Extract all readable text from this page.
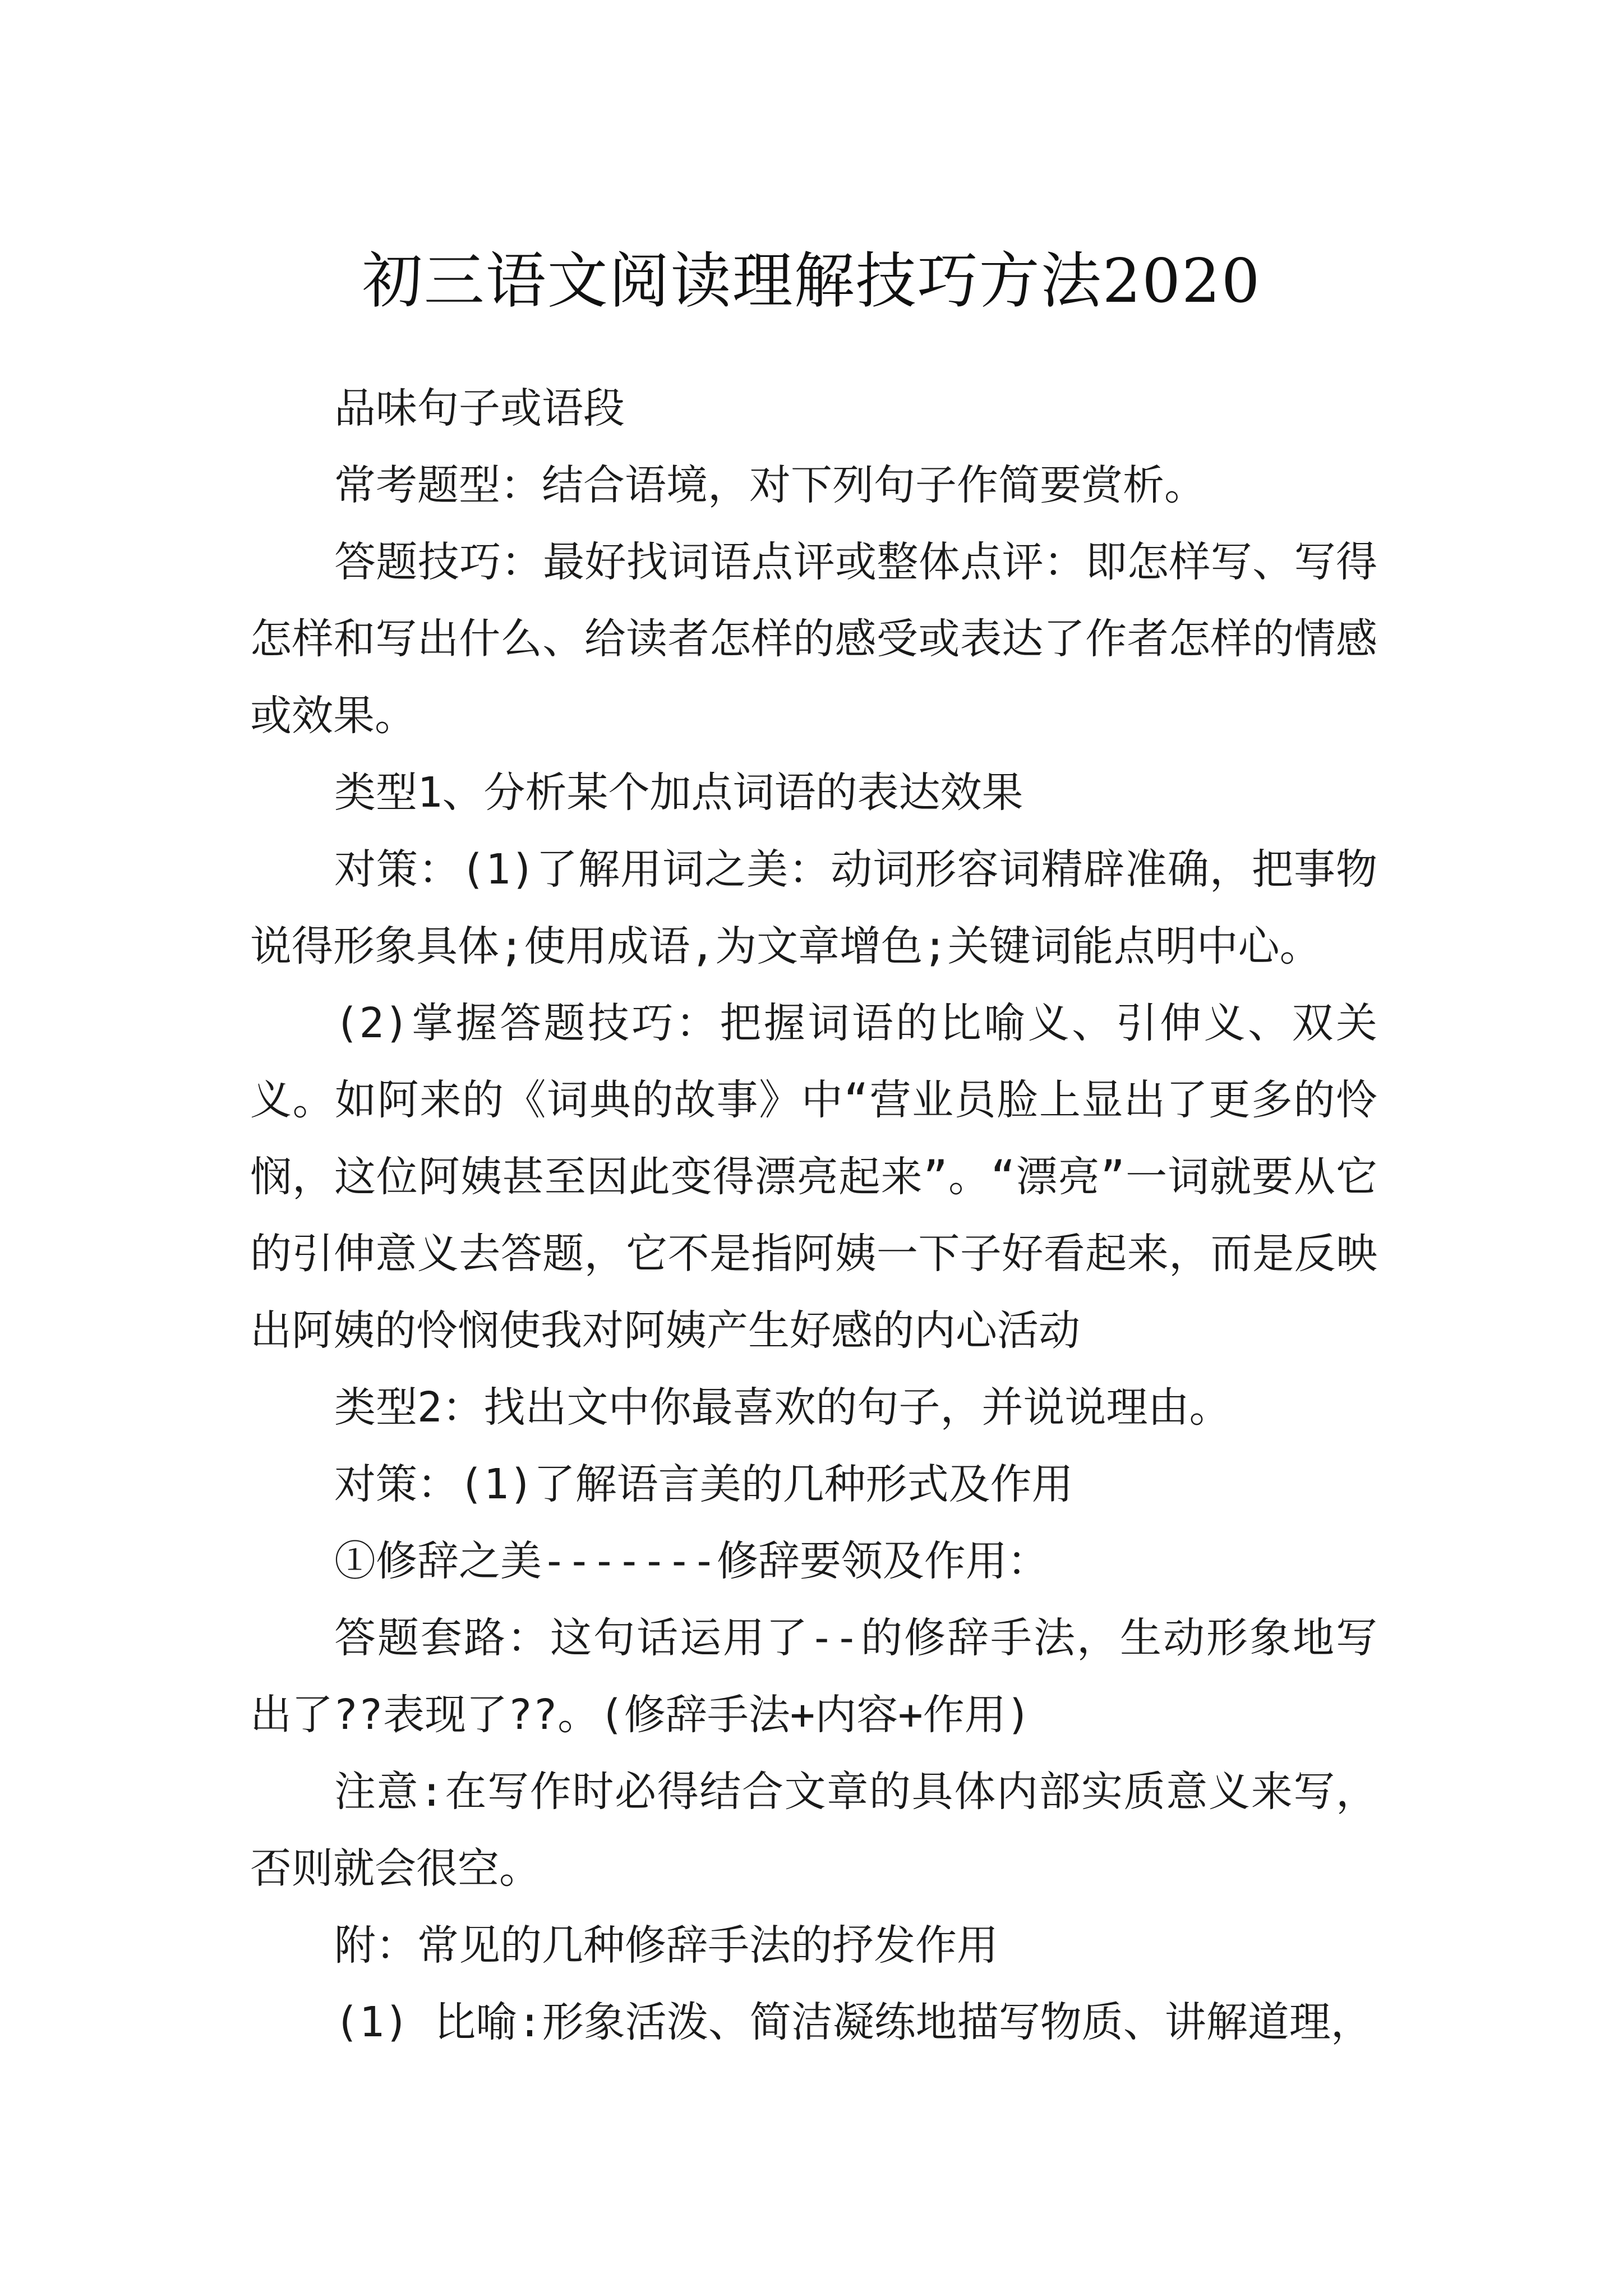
初三语文阅读理解技巧方法2020

品味句子或语段

常考题型：结合语境，对下列句子作简要赏析。

答题技巧：最好找词语点评或整体点评：即怎样写、写得怎样和写出什么、给读者怎样的感受或表达了作者怎样的情感或效果。

类型1、分析某个加点词语的表达效果

对策：(1)了解用词之美：动词形容词精辟准确，把事物说得形象具体;使用成语,为文章增色;关键词能点明中心。

(2)掌握答题技巧：把握词语的比喻义、引伸义、双关义。如阿来的《词典的故事》中“营业员脸上显出了更多的怜悯，这位阿姨甚至因此变得漂亮起来”。“漂亮”一词就要从它的引伸意义去答题，它不是指阿姨一下子好看起来，而是反映出阿姨的怜悯使我对阿姨产生好感的内心活动

类型2：找出文中你最喜欢的句子，并说说理由。

对策：(1)了解语言美的几种形式及作用

①修辞之美-------修辞要领及作用：

答题套路：这句话运用了--的修辞手法，生动形象地写出了??表现了??。(修辞手法+内容+作用)

注意:在写作时必得结合文章的具体内部实质意义来写，否则就会很空。

附：常见的几种修辞手法的抒发作用

(1) 比喻:形象活泼、简洁凝练地描写物质、讲解道理，
